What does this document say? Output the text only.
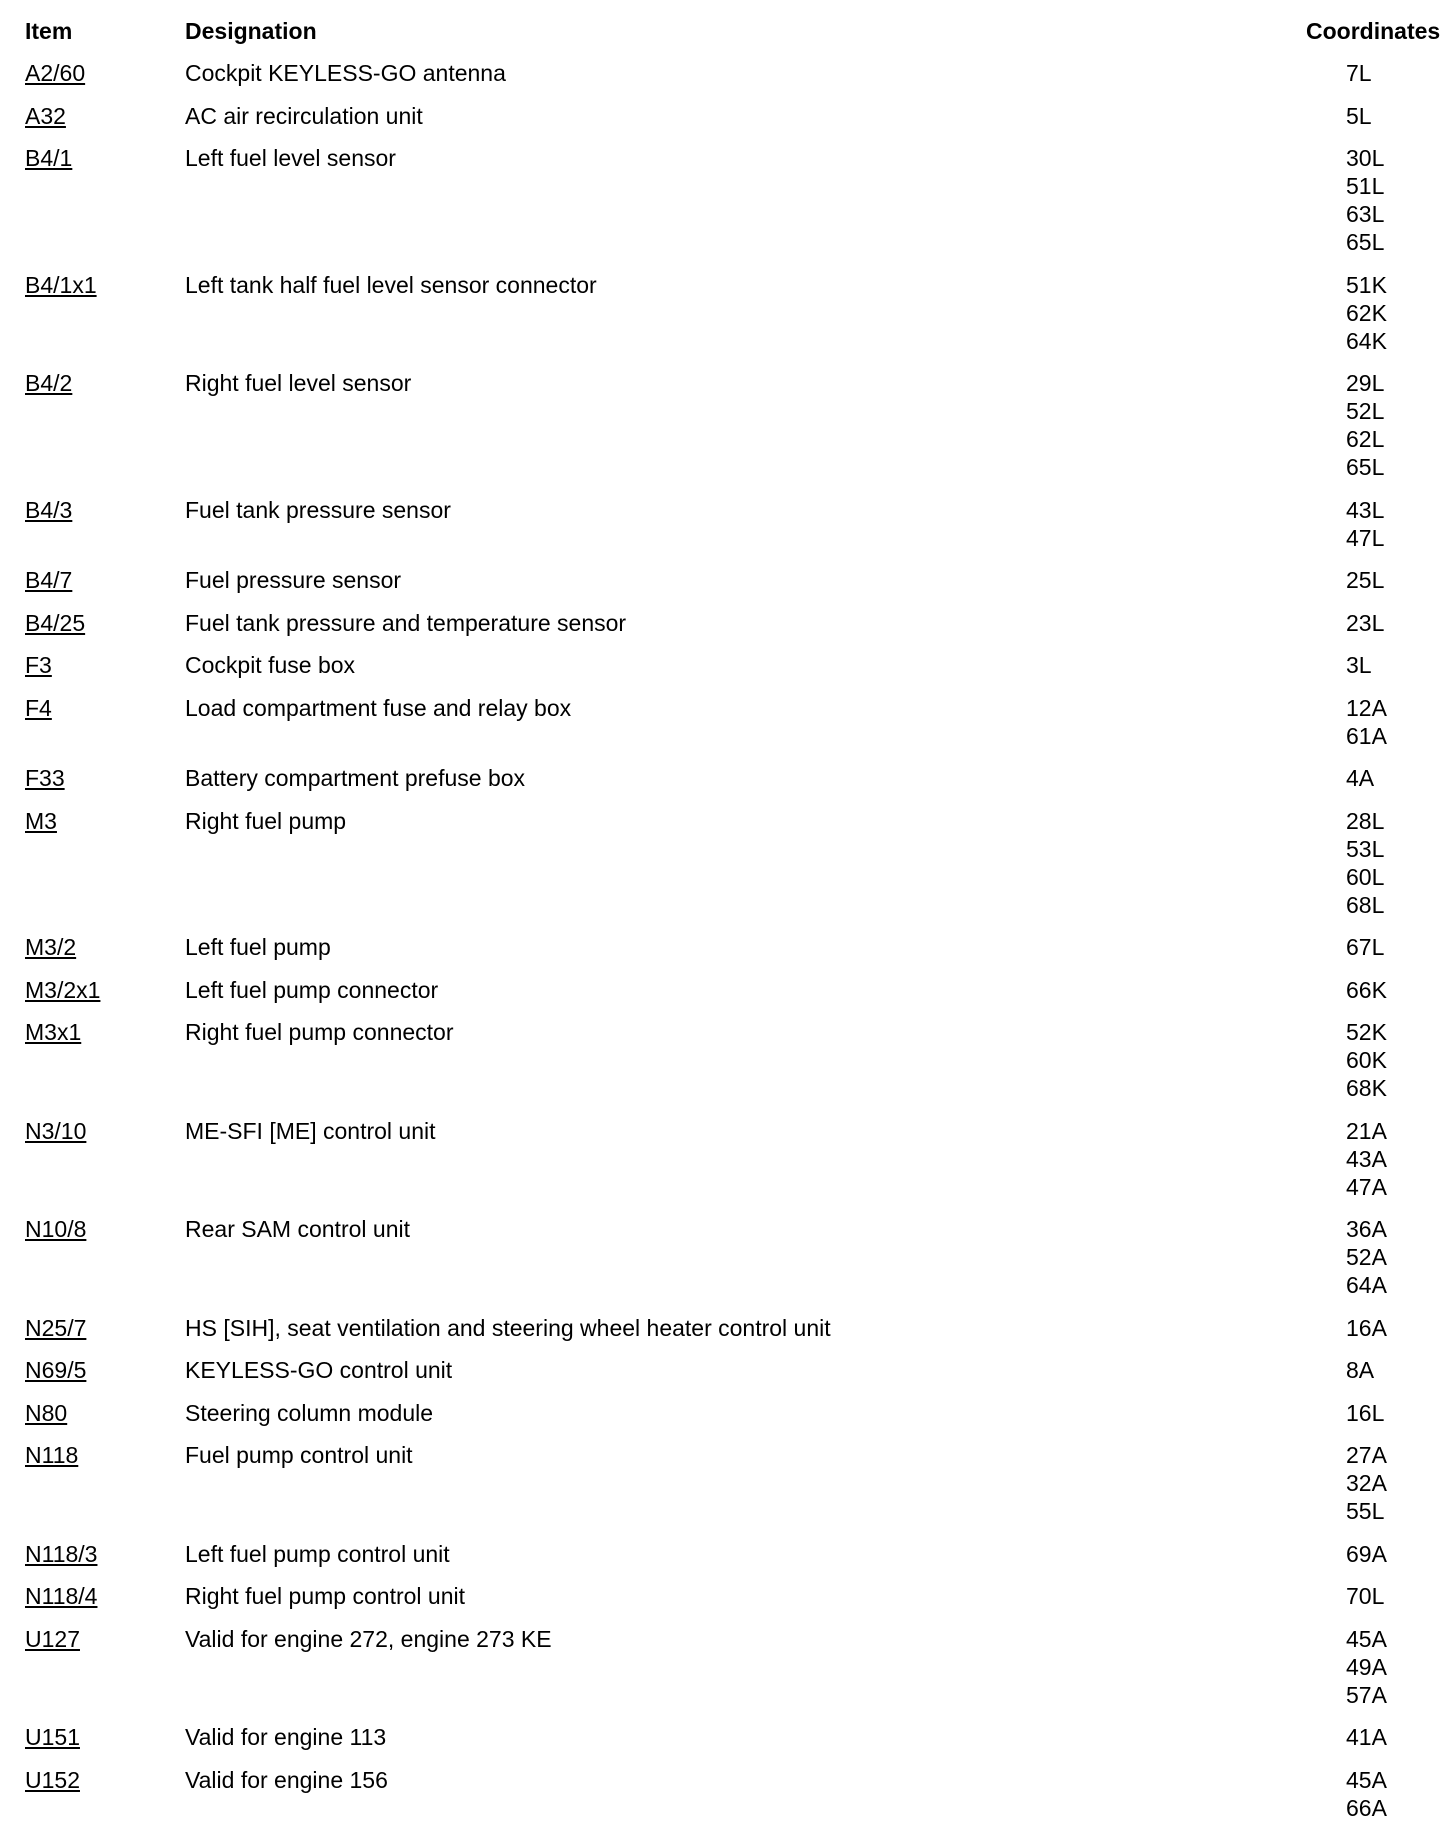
Item	Designation	Coordinates
A2/60	Cockpit KEYLESS-GO antenna	7L
A32	AC air recirculation unit	5L
B4/1	Left fuel level sensor	30L
51L
63L
65L
B4/1x1	Left tank half fuel level sensor connector	51K
62K
64K
B4/2	Right fuel level sensor	29L
52L
62L
65L
B4/3	Fuel tank pressure sensor	43L
47L
B4/7	Fuel pressure sensor	25L
B4/25	Fuel tank pressure and temperature sensor	23L
F3	Cockpit fuse box	3L
F4	Load compartment fuse and relay box	12A
61A
F33	Battery compartment prefuse box	4A
M3	Right fuel pump	28L
53L
60L
68L
M3/2	Left fuel pump	67L
M3/2x1	Left fuel pump connector	66K
M3x1	Right fuel pump connector	52K
60K
68K
N3/10	ME-SFI [ME] control unit	21A
43A
47A
N10/8	Rear SAM control unit	36A
52A
64A
N25/7	HS [SIH], seat ventilation and steering wheel heater control unit	16A
N69/5	KEYLESS-GO control unit	8A
N80	Steering column module	16L
N118	Fuel pump control unit	27A
32A
55L
N118/3	Left fuel pump control unit	69A
N118/4	Right fuel pump control unit	70L
U127	Valid for engine 272, engine 273 KE	45A
49A
57A
U151	Valid for engine 113	41A
U152	Valid for engine 156	45A
66A
